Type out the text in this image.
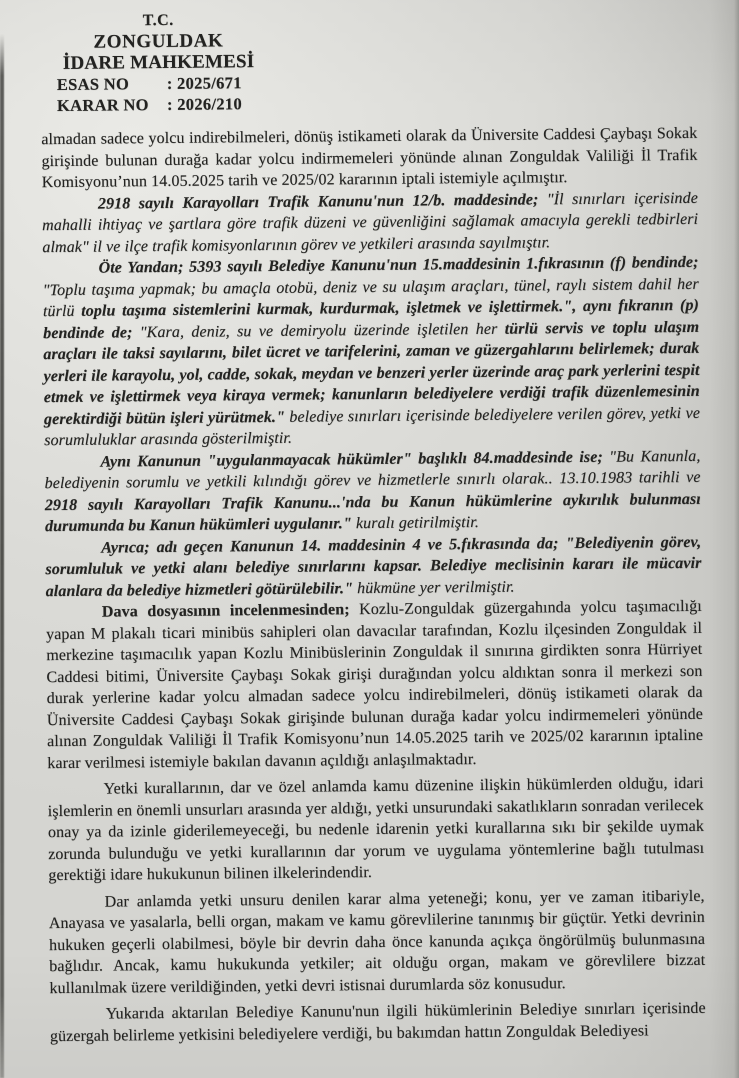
T.C.
ZONGULDAK
İDARE MAHKEMESİ
ESAS NO	: 2025/671
KARAR NO	: 2026/210

almadan sadece yolcu indirebilmeleri, dönüş istikameti olarak da Üniversite Caddesi Çaybaşı Sokak girişinde bulunan durağa kadar yolcu indirmemeleri yönünde alınan Zonguldak Valiliği İl Trafik Komisyonu’nun 14.05.2025 tarih ve 2025/02 kararının iptali istemiyle açılmıştır.

2918 sayılı Karayolları Trafik Kanunu'nun 12/b. maddesinde; "İl sınırları içerisinde mahalli ihtiyaç ve şartlara göre trafik düzeni ve güvenliğini sağlamak amacıyla gerekli tedbirleri almak" il ve ilçe trafik komisyonlarının görev ve yetkileri arasında sayılmıştır.

Öte Yandan; 5393 sayılı Belediye Kanunu'nun 15.maddesinin 1.fıkrasının (f) bendinde; "Toplu taşıma yapmak; bu amaçla otobü, deniz ve su ulaşım araçları, tünel, raylı sistem dahil her türlü toplu taşıma sistemlerini kurmak, kurdurmak, işletmek ve işlettirmek.", aynı fıkranın (p) bendinde de; "Kara, deniz, su ve demiryolu üzerinde işletilen her türlü servis ve toplu ulaşım araçları ile taksi sayılarını, bilet ücret ve tarifelerini, zaman ve güzergahlarını belirlemek; durak yerleri ile karayolu, yol, cadde, sokak, meydan ve benzeri yerler üzerinde araç park yerlerini tespit etmek ve işlettirmek veya kiraya vermek; kanunların belediyelere verdiği trafik düzenlemesinin gerektirdiği bütün işleri yürütmek." belediye sınırları içerisinde belediyelere verilen görev, yetki ve sorumluluklar arasında gösterilmiştir.

Aynı Kanunun "uygulanmayacak hükümler" başlıklı 84.maddesinde ise; "Bu Kanunla, belediyenin sorumlu ve yetkili kılındığı görev ve hizmetlerle sınırlı olarak.. 13.10.1983 tarihli ve 2918 sayılı Karayolları Trafik Kanunu...'nda bu Kanun hükümlerine aykırılık bulunması durumunda bu Kanun hükümleri uygulanır." kuralı getirilmiştir.

Ayrıca; adı geçen Kanunun 14. maddesinin 4 ve 5.fıkrasında da; "Belediyenin görev, sorumluluk ve yetki alanı belediye sınırlarını kapsar. Belediye meclisinin kararı ile mücavir alanlara da belediye hizmetleri götürülebilir." hükmüne yer verilmiştir.

Dava dosyasının incelenmesinden; Kozlu-Zonguldak güzergahında yolcu taşımacılığı yapan M plakalı ticari minibüs sahipleri olan davacılar tarafından, Kozlu ilçesinden Zonguldak il merkezine taşımacılık yapan Kozlu Minibüslerinin Zonguldak il sınırına girdikten sonra Hürriyet Caddesi bitimi, Üniversite Çaybaşı Sokak girişi durağından yolcu aldıktan sonra il merkezi son durak yerlerine kadar yolcu almadan sadece yolcu indirebilmeleri, dönüş istikameti olarak da Üniversite Caddesi Çaybaşı Sokak girişinde bulunan durağa kadar yolcu indirmemeleri yönünde alınan Zonguldak Valiliği İl Trafik Komisyonu’nun 14.05.2025 tarih ve 2025/02 kararının iptaline karar verilmesi istemiyle bakılan davanın açıldığı anlaşılmaktadır.

Yetki kurallarının, dar ve özel anlamda kamu düzenine ilişkin hükümlerden olduğu, idari işlemlerin en önemli unsurları arasında yer aldığı, yetki unsurundaki sakatlıkların sonradan verilecek onay ya da izinle giderilemeyeceği, bu nedenle idarenin yetki kurallarına sıkı bir şekilde uymak zorunda bulunduğu ve yetki kurallarının dar yorum ve uygulama yöntemlerine bağlı tutulması gerektiği idare hukukunun bilinen ilkelerindendir.

Dar anlamda yetki unsuru denilen karar alma yeteneği; konu, yer ve zaman itibariyle, Anayasa ve yasalarla, belli organ, makam ve kamu görevlilerine tanınmış bir güçtür. Yetki devrinin hukuken geçerli olabilmesi, böyle bir devrin daha önce kanunda açıkça öngörülmüş bulunmasına bağlıdır. Ancak, kamu hukukunda yetkiler; ait olduğu organ, makam ve görevlilere bizzat kullanılmak üzere verildiğinden, yetki devri istisnai durumlarda söz konusudur.

Yukarıda aktarılan Belediye Kanunu'nun ilgili hükümlerinin Belediye sınırları içerisinde güzergah belirleme yetkisini belediyelere verdiği, bu bakımdan hattın Zonguldak Belediyesi
